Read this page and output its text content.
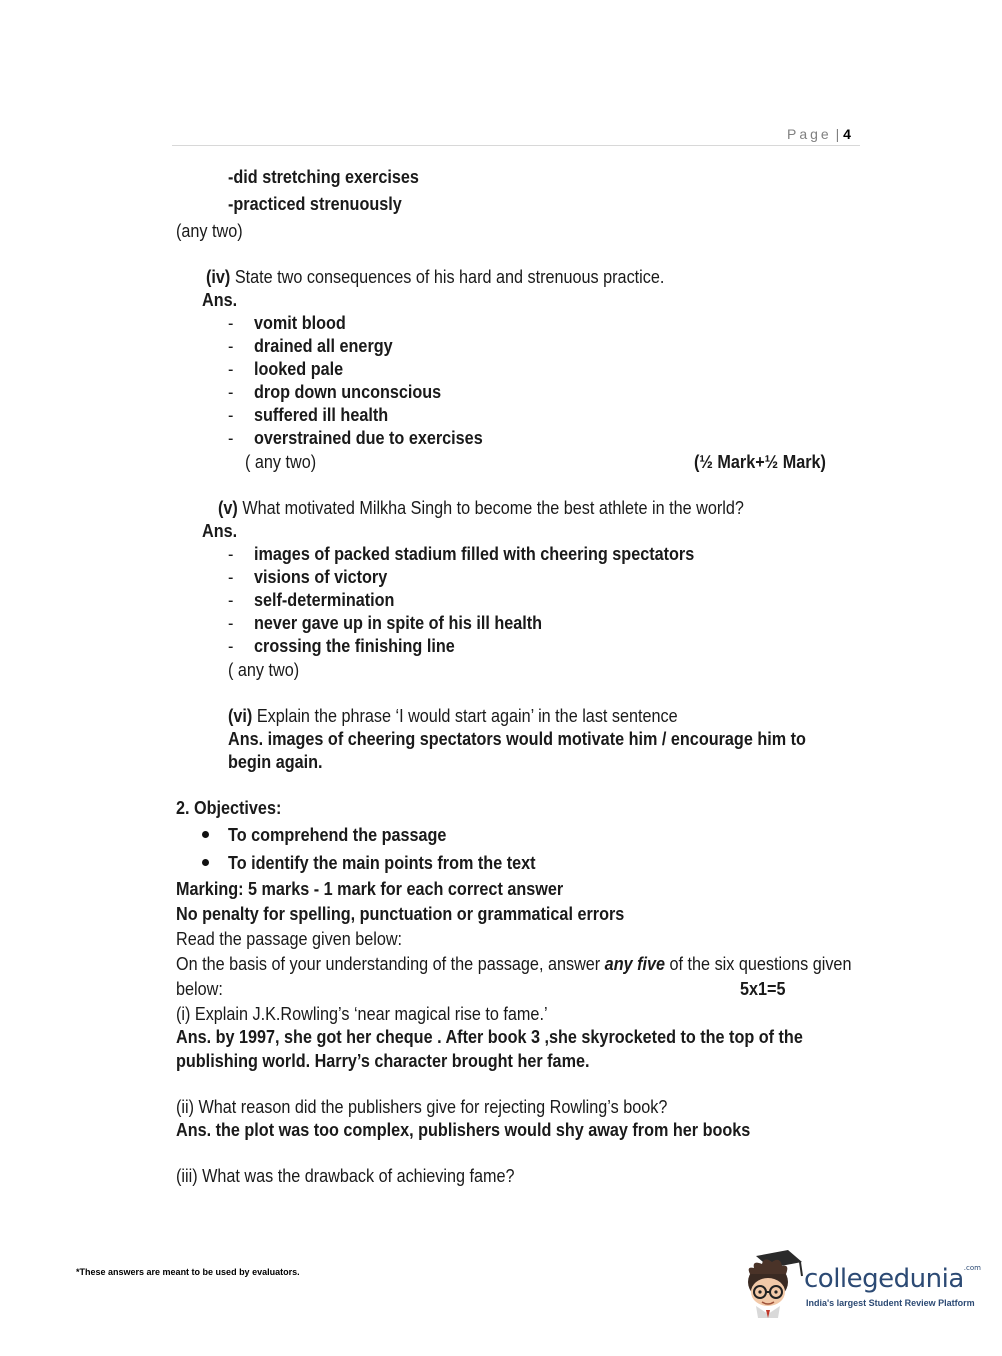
Page | 4
-did stretching exercises
-practiced strenuously
(any two)
(iv) State two consequences of his hard and strenuous practice.
Ans.
- vomit blood
- drained all energy
- looked pale
- drop down unconscious
- suffered ill health
- overstrained due to exercises
( any two)	(½ Mark+½ Mark)
(v) What motivated Milkha Singh to become the best athlete in the world?
Ans.
- images of packed stadium filled with cheering spectators
- visions of victory
- self-determination
- never gave up in spite of his ill health
- crossing the finishing line
( any two)
(vi) Explain the phrase ‘I would start again’ in the last sentence
Ans. images of cheering spectators would motivate him / encourage him to
begin again.
2. Objectives:
To comprehend the passage
To identify the main points from the text
Marking: 5 marks - 1 mark for each correct answer
No penalty for spelling, punctuation or grammatical errors
Read the passage given below:
On the basis of your understanding of the passage, answer any five of the six questions given
below:	5x1=5
(i) Explain J.K.Rowling’s ‘near magical rise to fame.’
Ans. by 1997, she got her cheque . After book 3 ,she skyrocketed to the top of the
publishing world. Harry’s character brought her fame.
(ii) What reason did the publishers give for rejecting Rowling’s book?
Ans. the plot was too complex, publishers would shy away from her books
(iii) What was the drawback of achieving fame?
*These answers are meant to be used by evaluators.	collegedunia$^{.com}$
India's largest Student Review Platform
